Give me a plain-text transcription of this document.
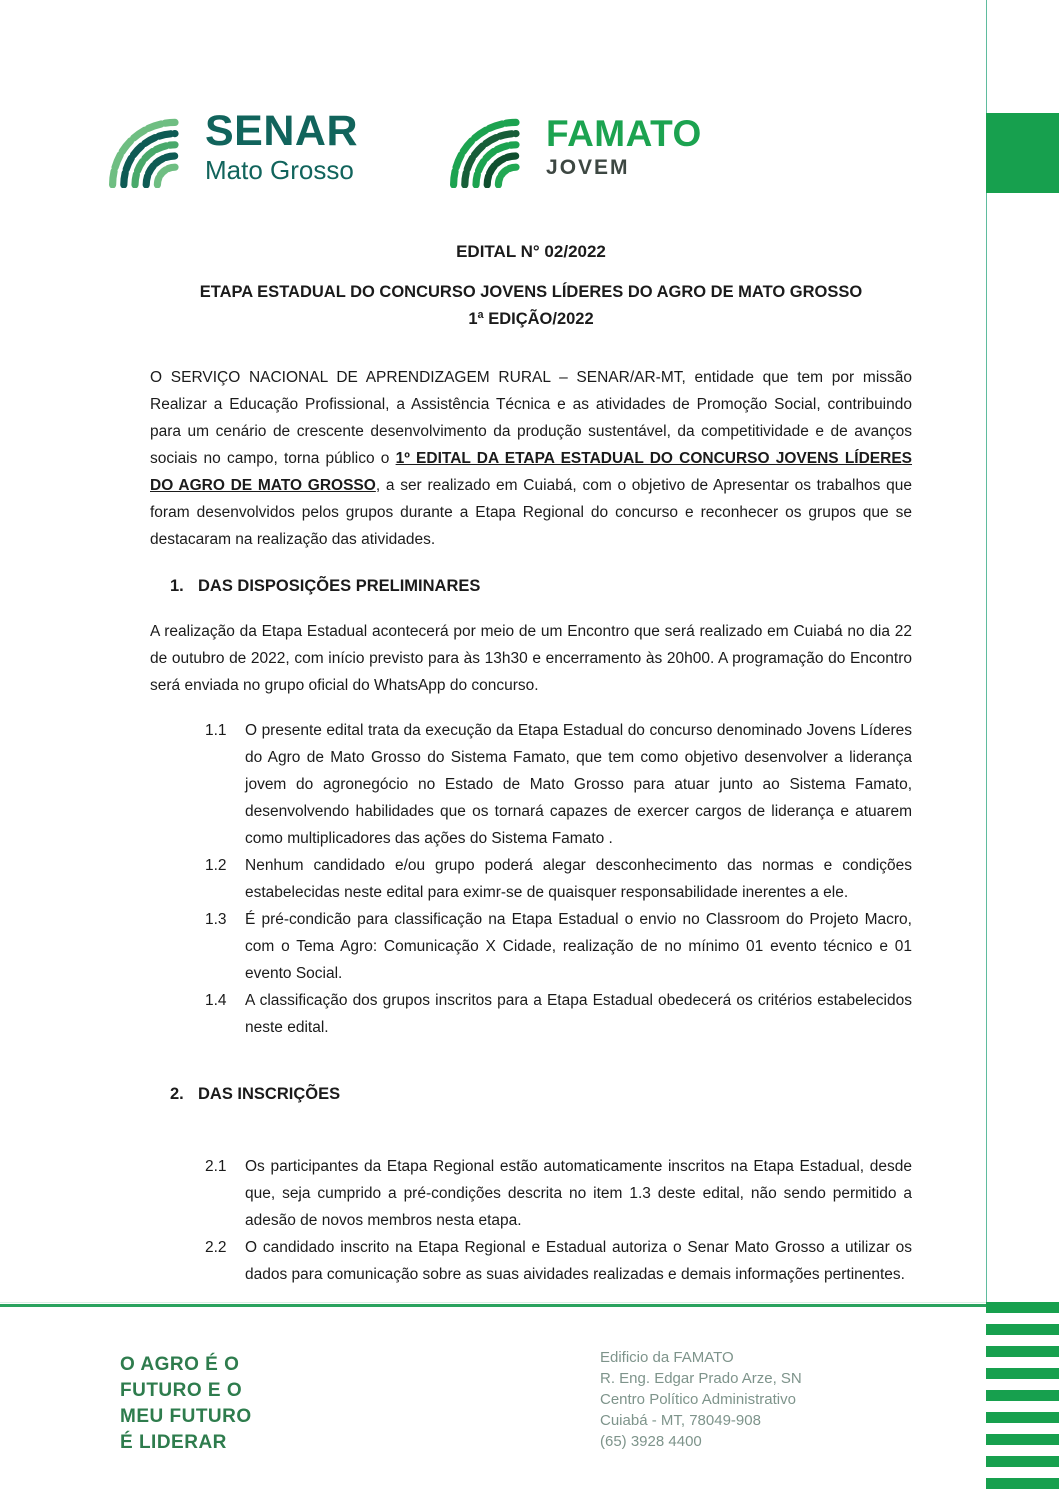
SENAR
Mato Grosso
FAMATO
JOVEM
EDITAL N° 02/2022
ETAPA ESTADUAL DO CONCURSO JOVENS LÍDERES DO AGRO DE MATO GROSSO
1ª EDIÇÃO/2022

O SERVIÇO NACIONAL DE APRENDIZAGEM RURAL – SENAR/AR-MT, entidade que tem por missão Realizar a Educação Profissional, a Assistência Técnica e as atividades de Promoção Social, contribuindo para um cenário de crescente desenvolvimento da produção sustentável, da competitividade e de avanços sociais no campo, torna público o 1º EDITAL DA ETAPA ESTADUAL DO CONCURSO JOVENS LÍDERES DO AGRO DE MATO GROSSO, a ser realizado em Cuiabá, com o objetivo de Apresentar os trabalhos que foram desenvolvidos pelos grupos durante a Etapa Regional do concurso e reconhecer os grupos que se destacaram na realização das atividades.

1. DAS DISPOSIÇÕES PRELIMINARES

A realização da Etapa Estadual acontecerá por meio de um Encontro que será realizado em Cuiabá no dia 22 de outubro de 2022, com início previsto para às 13h30 e encerramento às 20h00. A programação do Encontro será enviada no grupo oficial do WhatsApp do concurso.

1.1	O presente edital trata da execução da Etapa Estadual do concurso denominado Jovens Líderes do Agro de Mato Grosso do Sistema Famato, que tem como objetivo desenvolver a liderança jovem do agronegócio no Estado de Mato Grosso para atuar junto ao Sistema Famato, desenvolvendo habilidades que os tornará capazes de exercer cargos de liderança e atuarem como multiplicadores das ações do Sistema Famato .
1.2	Nenhum candidado e/ou grupo poderá alegar desconhecimento das normas e condições estabelecidas neste edital para eximr-se de quaisquer responsabilidade inerentes a ele.
1.3	É pré-condicão para classificação na Etapa Estadual o envio no Classroom do Projeto Macro, com o Tema Agro: Comunicação X Cidade, realização de no mínimo 01 evento técnico e 01 evento Social.
1.4	A classificação dos grupos inscritos para a Etapa Estadual obedecerá os critérios estabelecidos neste edital.
2. DAS INSCRIÇÕES
2.1	Os participantes da Etapa Regional estão automaticamente inscritos na Etapa Estadual, desde que, seja cumprido a pré-condições descrita no item 1.3 deste edital, não sendo permitido a adesão de novos membros nesta etapa.
2.2	O candidado inscrito na Etapa Regional e Estadual autoriza o Senar Mato Grosso a utilizar os dados para comunicação sobre as suas aividades realizadas e demais informações pertinentes.
O AGRO É O
FUTURO E O
MEU FUTURO
É LIDERAR
Edificio da FAMATO
R. Eng. Edgar Prado Arze, SN
Centro Político Administrativo
Cuiabá - MT, 78049-908
(65) 3928 4400
